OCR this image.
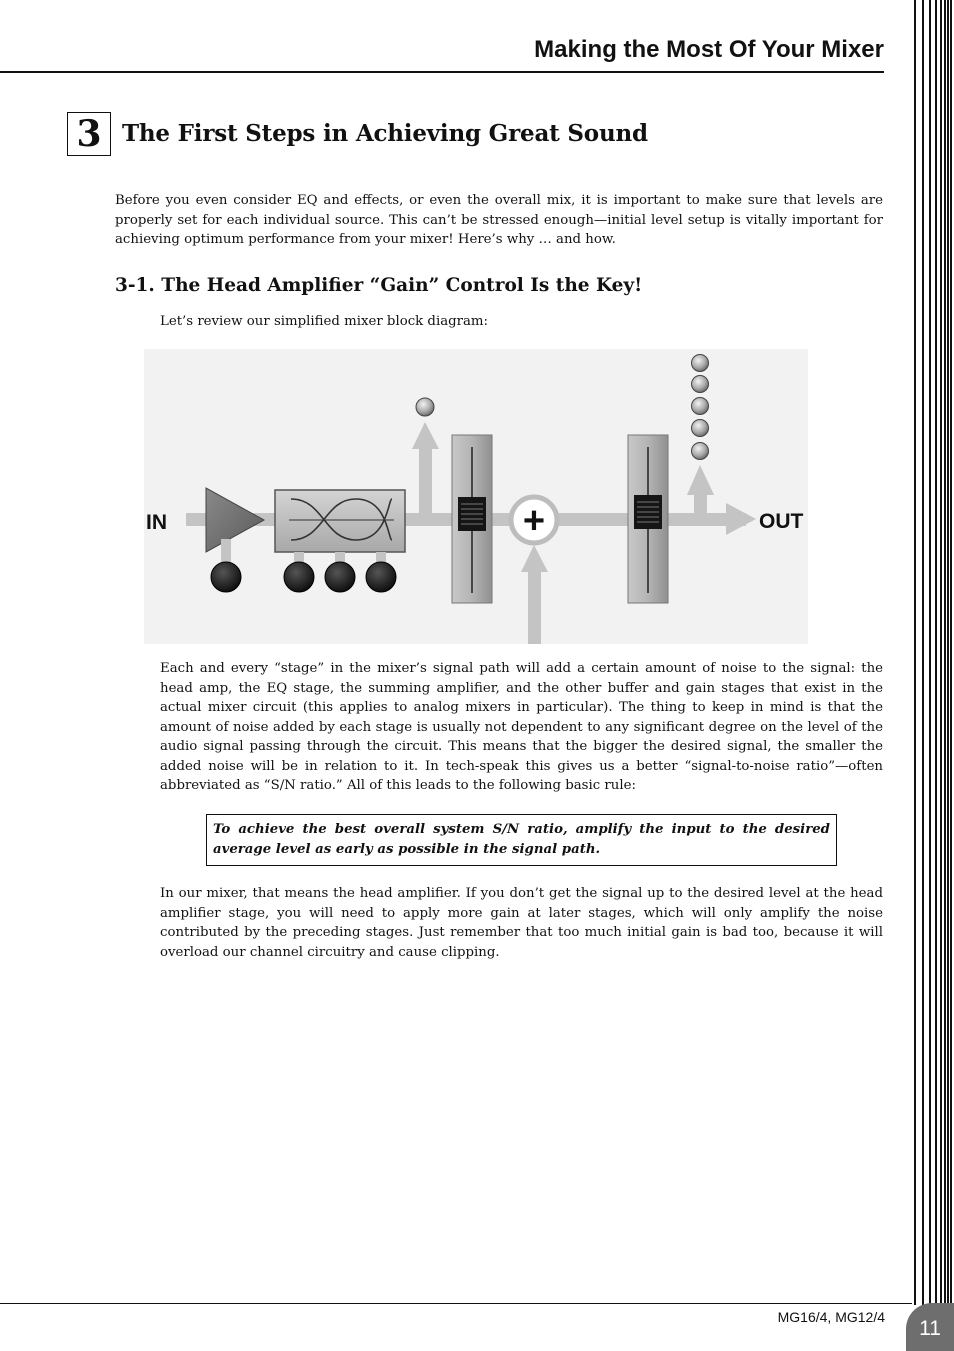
Making the Most Of Your Mixer
3 The First Steps in Achieving Great Sound
Before you even consider EQ and effects, or even the overall mix, it is important to make sure that levels are properly set for each individual source. This can’t be stressed enough—initial level setup is vitally important for achieving optimum performance from your mixer! Here’s why … and how.
3-1. The Head Amplifier “Gain” Control Is the Key!
Let’s review our simplified mixer block diagram:
+
IN	OUT
Each and every “stage” in the mixer’s signal path will add a certain amount of noise to the signal: the head amp, the EQ stage, the summing amplifier, and the other buffer and gain stages that exist in the actual mixer circuit (this applies to analog mixers in particular). The thing to keep in mind is that the amount of noise added by each stage is usually not dependent to any significant degree on the level of the audio signal passing through the circuit. This means that the bigger the desired signal, the smaller the added noise will be in relation to it. In tech-speak this gives us a better “signal-to-noise ratio”—often abbreviated as “S/N ratio.” All of this leads to the following basic rule:
To achieve the best overall system S/N ratio, amplify the input to the desired average level as early as possible in the signal path.
In our mixer, that means the head amplifier. If you don’t get the signal up to the desired level at the head amplifier stage, you will need to apply more gain at later stages, which will only amplify the noise contributed by the preceding stages. Just remember that too much initial gain is bad too, because it will overload our channel circuitry and cause clipping.
MG16/4, MG12/4	11
